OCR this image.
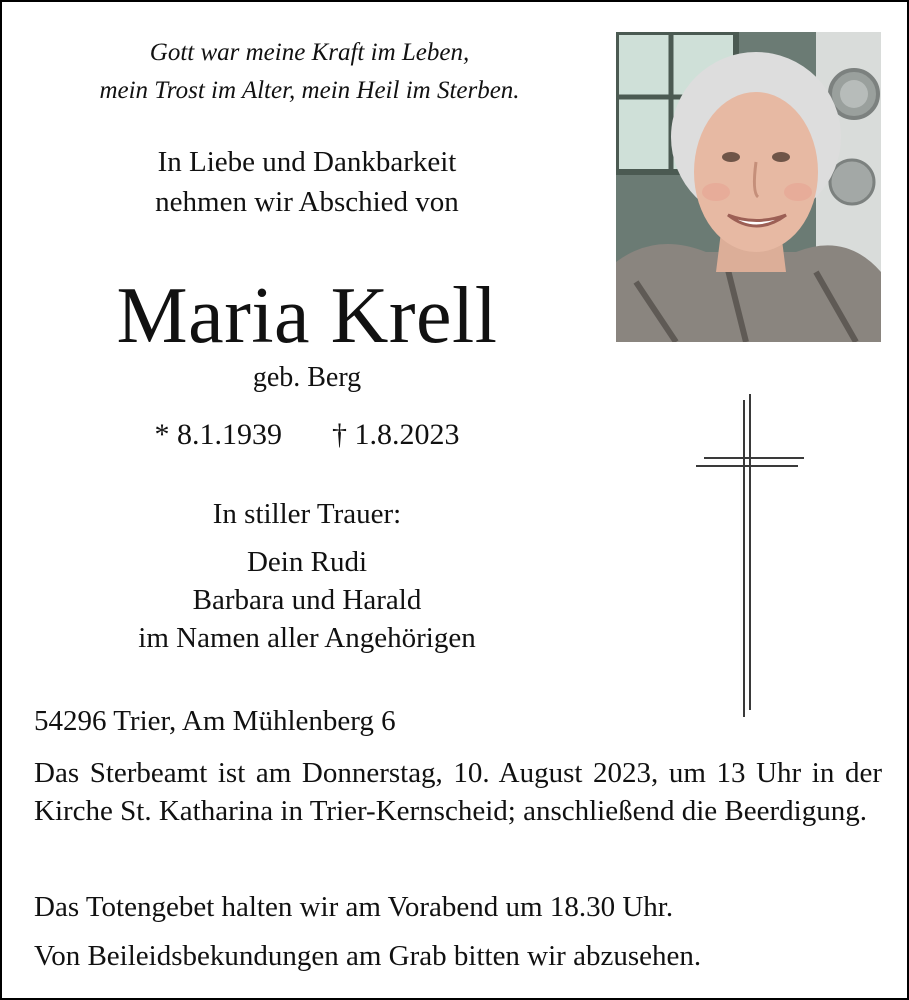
Gott war meine Kraft im Leben,
mein Trost im Alter, mein Heil im Sterben.
In Liebe und Dankbarkeit
nehmen wir Abschied von
Maria Krell
geb. Berg
* 8.1.1939 † 1.8.2023
In stiller Trauer:
Dein Rudi
Barbara und Harald
im Namen aller Angehörigen
54296 Trier, Am Mühlenberg 6
Das Sterbeamt ist am Donnerstag, 10. August 2023, um 13 Uhr in der Kirche St. Katharina in Trier-Kernscheid; anschließend die Beerdigung.
Das Totengebet halten wir am Vorabend um 18.30 Uhr.
Von Beileidsbekundungen am Grab bitten wir abzusehen.
